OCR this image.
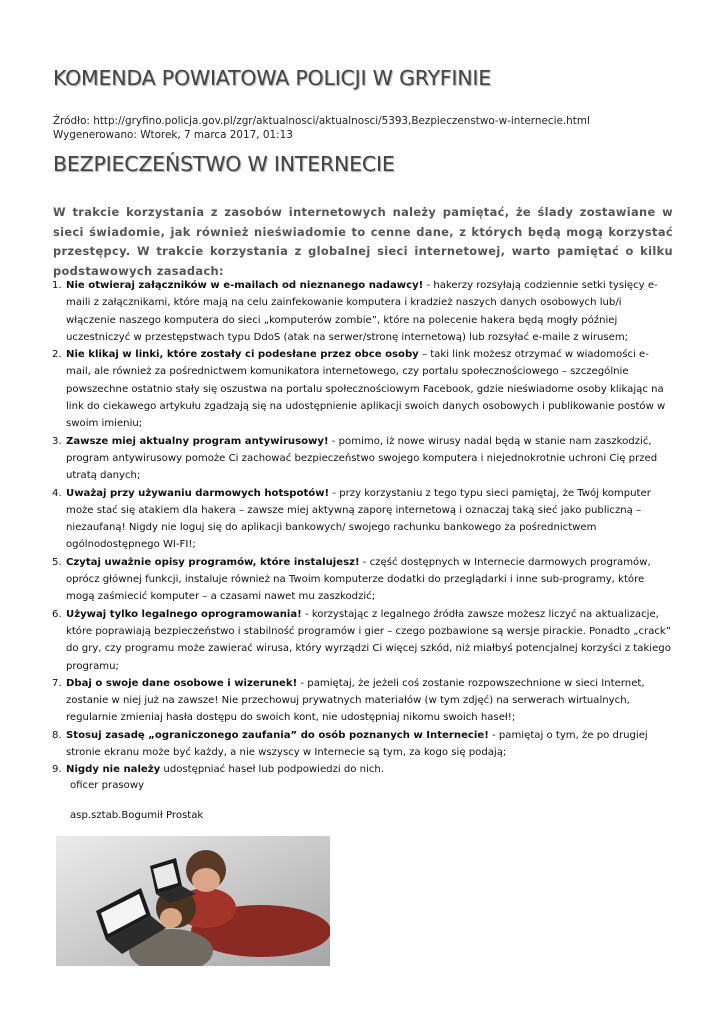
KOMENDA POWIATOWA POLICJI W GRYFINIE
Źródło: http://gryfino.policja.gov.pl/zgr/aktualnosci/aktualnosci/5393,Bezpieczenstwo-w-internecie.html
Wygenerowano: Wtorek, 7 marca 2017, 01:13
BEZPIECZEŃSTWO W INTERNECIE

W trakcie korzystania z zasobów internetowych należy pamiętać, że ślady zostawiane w sieci świadomie, jak również nieświadomie to cenne dane, z których będą mogą korzystać przestępcy. W trakcie korzystania z globalnej sieci internetowej, warto pamiętać o kilku podstawowych zasadach:

Nie otwieraj załączników w e-mailach od nieznanego nadawcy! - hakerzy rozsyłają codziennie setki tysięcy e-maili z załącznikami, które mają na celu zainfekowanie komputera i kradzież naszych danych osobowych lub/i włączenie naszego komputera do sieci „komputerów zombie”, które na polecenie hakera będą mogły później uczestniczyć w przestępstwach typu DdoS (atak na serwer/stronę internetową) lub rozsyłać e-maile z wirusem;
Nie klikaj w linki, które zostały ci podesłane przez obce osoby – taki link możesz otrzymać w wiadomości e-mail, ale również za pośrednictwem komunikatora internetowego, czy portalu społecznościowego – szczególnie powszechne ostatnio stały się oszustwa na portalu społecznościowym Facebook, gdzie nieświadome osoby klikając na link do ciekawego artykułu zgadzają się na udostępnienie aplikacji swoich danych osobowych i publikowanie postów w swoim imieniu;
Zawsze miej aktualny program antywirusowy! - pomimo, iż nowe wirusy nadal będą w stanie nam zaszkodzić, program antywirusowy pomoże Ci zachować bezpieczeństwo swojego komputera i niejednokrotnie uchroni Cię przed utratą danych;
Uważaj przy używaniu darmowych hotspotów! - przy korzystaniu z tego typu sieci pamiętaj, że Twój komputer może stać się atakiem dla hakera – zawsze miej aktywną zaporę internetową i oznaczaj taką sieć jako publiczną – niezaufaną! Nigdy nie loguj się do aplikacji bankowych/ swojego rachunku bankowego za pośrednictwem ogólnodostępnego WI-FI!;
Czytaj uważnie opisy programów, które instalujesz! - część dostępnych w Internecie darmowych programów, oprócz głównej funkcji, instaluje również na Twoim komputerze dodatki do przeglądarki i inne sub-programy, które mogą zaśmiecić komputer – a czasami nawet mu zaszkodzić;
Używaj tylko legalnego oprogramowania! - korzystając z legalnego źródła zawsze możesz liczyć na aktualizacje, które poprawiają bezpieczeństwo i stabilność programów i gier – czego pozbawione są wersje pirackie. Ponadto „crack” do gry, czy programu może zawierać wirusa, który wyrządzi Ci więcej szkód, niż miałbyś potencjalnej korzyści z takiego programu;
Dbaj o swoje dane osobowe i wizerunek! - pamiętaj, że jeżeli coś zostanie rozpowszechnione w sieci Internet, zostanie w niej już na zawsze! Nie przechowuj prywatnych materiałów (w tym zdjęć) na serwerach wirtualnych, regularnie zmieniaj hasła dostępu do swoich kont, nie udostępniaj nikomu swoich haseł!;
Stosuj zasadę „ograniczonego zaufania” do osób poznanych w Internecie! - pamiętaj o tym, że po drugiej stronie ekranu może być każdy, a nie wszyscy w Internecie są tym, za kogo się podają;
Nigdy nie należy udostępniać haseł lub podpowiedzi do nich.
oficer prasowy
asp.sztab.Bogumił Prostak
